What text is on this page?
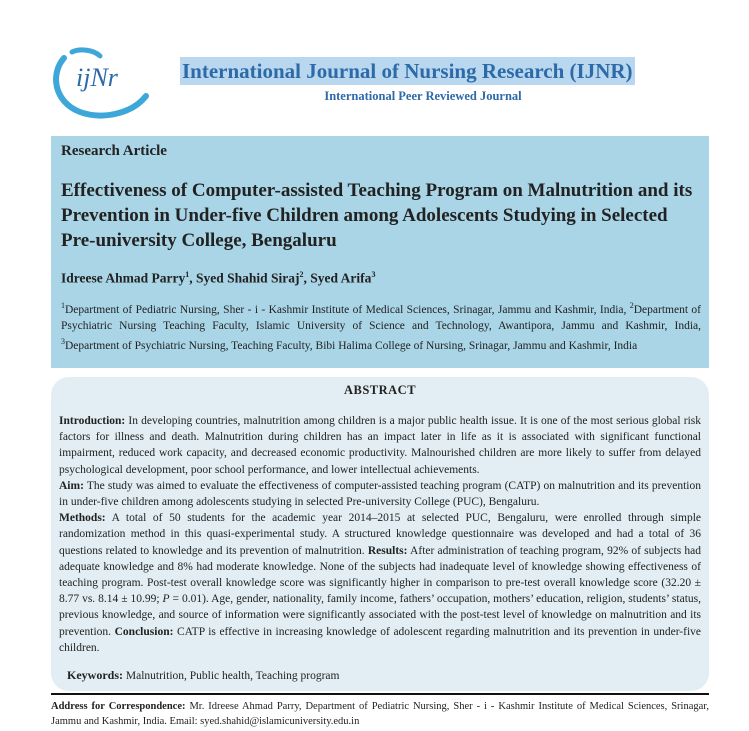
ijNr	International Journal of Nursing Research (IJNR)
International Peer Reviewed Journal
Research Article
Effectiveness of Computer-assisted Teaching Program on Malnutrition and its Prevention in Under-five Children among Adolescents Studying in Selected Pre-university College, Bengaluru
Idreese Ahmad Parry$^1$, Syed Shahid Siraj$^2$, Syed Arifa$^3$
$^1$Department of Pediatric Nursing, Sher - i - Kashmir Institute of Medical Sciences, Srinagar, Jammu and Kashmir, India, $^2$Department of Psychiatric Nursing Teaching Faculty, Islamic University of Science and Technology, Awantipora, Jammu and Kashmir, India, $^3$Department of Psychiatric Nursing, Teaching Faculty, Bibi Halima College of Nursing, Srinagar, Jammu and Kashmir, India
ABSTRACT
Introduction: In developing countries, malnutrition among children is a major public health issue. It is one of the most serious global risk factors for illness and death. Malnutrition during children has an impact later in life as it is associated with significant functional impairment, reduced work capacity, and decreased economic productivity. Malnourished children are more likely to suffer from delayed psychological development, poor school performance, and lower intellectual achievements.
Aim: The study was aimed to evaluate the effectiveness of computer-assisted teaching program (CATP) on malnutrition and its prevention in under-five children among adolescents studying in selected Pre-university College (PUC), Bengaluru.
Methods: A total of 50 students for the academic year 2014–2015 at selected PUC, Bengaluru, were enrolled through simple randomization method in this quasi-experimental study. A structured knowledge questionnaire was developed and had a total of 36 questions related to knowledge and its prevention of malnutrition. Results: After administration of teaching program, 92% of subjects had adequate knowledge and 8% had moderate knowledge. None of the subjects had inadequate level of knowledge showing effectiveness of teaching program. Post-test overall knowledge score was significantly higher in comparison to pre-test overall knowledge score (32.20 ± 8.77 vs. 8.14 ± 10.99; P = 0.01). Age, gender, nationality, family income, fathers’ occupation, mothers’ education, religion, students’ status, previous knowledge, and source of information were significantly associated with the post-test level of knowledge on malnutrition and its prevention. Conclusion: CATP is effective in increasing knowledge of adolescent regarding malnutrition and its prevention in under-five children.
Keywords: Malnutrition, Public health, Teaching program
Address for Correspondence: Mr. Idreese Ahmad Parry, Department of Pediatric Nursing, Sher - i - Kashmir Institute of Medical Sciences, Srinagar, Jammu and Kashmir, India. Email: syed.shahid@islamicuniversity.edu.in
